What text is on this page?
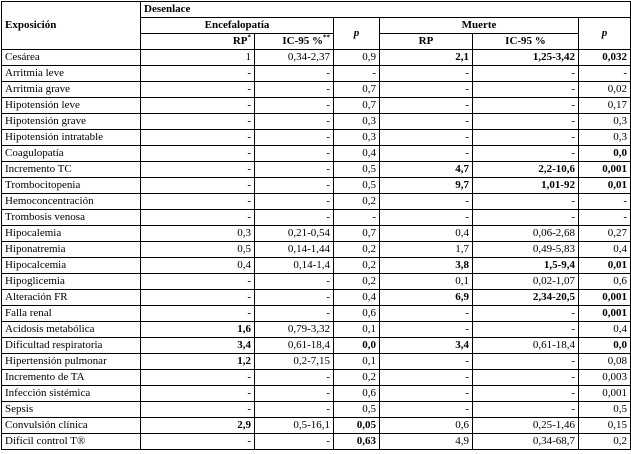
Exposición	Desenlace					
	Encefalopatía		p	Muerte		p
	RP*	IC-95 %**		RP	IC-95 %	
Cesárea	1	0,34-2,37	0,9	2,1	1,25-3,42	0,032
Arritmia leve	-	-	-	-	-	-
Arritmia grave	-	-	0,7	-	-	0,02
Hipotensión leve	-	-	0,7	-	-	0,17
Hipotensión grave	-	-	0,3	-	-	0,3
Hipotensión intratable	-	-	0,3	-	-	0,3
Coagulopatía	-	-	0,4	-	-	0,0
Incremento TC	-	-	0,5	4,7	2,2-10,6	0,001
Trombocitopenia	-	-	0,5	9,7	1,01-92	0,01
Hemoconcentración	-	-	0,2	-	-	-
Trombosis venosa	-	-	-	-	-	-
Hipocalemia	0,3	0,21-0,54	0,7	0,4	0,06-2,68	0,27
Hiponatremia	0,5	0,14-1,44	0,2	1,7	0,49-5,83	0,4
Hipocalcemia	0,4	0,14-1,4	0,2	3,8	1,5-9,4	0,01
Hipoglicemia	-	-	0,2	0,1	0,02-1,07	0,6
Alteración FR	-	-	0,4	6,9	2,34-20,5	0,001
Falla renal	-	-	0,6	-	-	0,001
Acidosis metabólica	1,6	0,79-3,32	0,1	-	-	0,4
Dificultad respiratoria	3,4	0,61-18,4	0,0	3,4	0,61-18,4	0,0
Hipertensión pulmonar	1,2	0,2-7,15	0,1	-	-	0,08
Incremento de TA	-	-	0,2	-	-	0,003
Infección sistémica	-	-	0,6	-	-	0,001
Sepsis	-	-	0,5	-	-	0,5
Convulsión clínica	2,9	0,5-16,1	0,05	0,6	0,25-1,46	0,15
Difícil control T®	-	-	0,63	4,9	0,34-68,7	0,2
